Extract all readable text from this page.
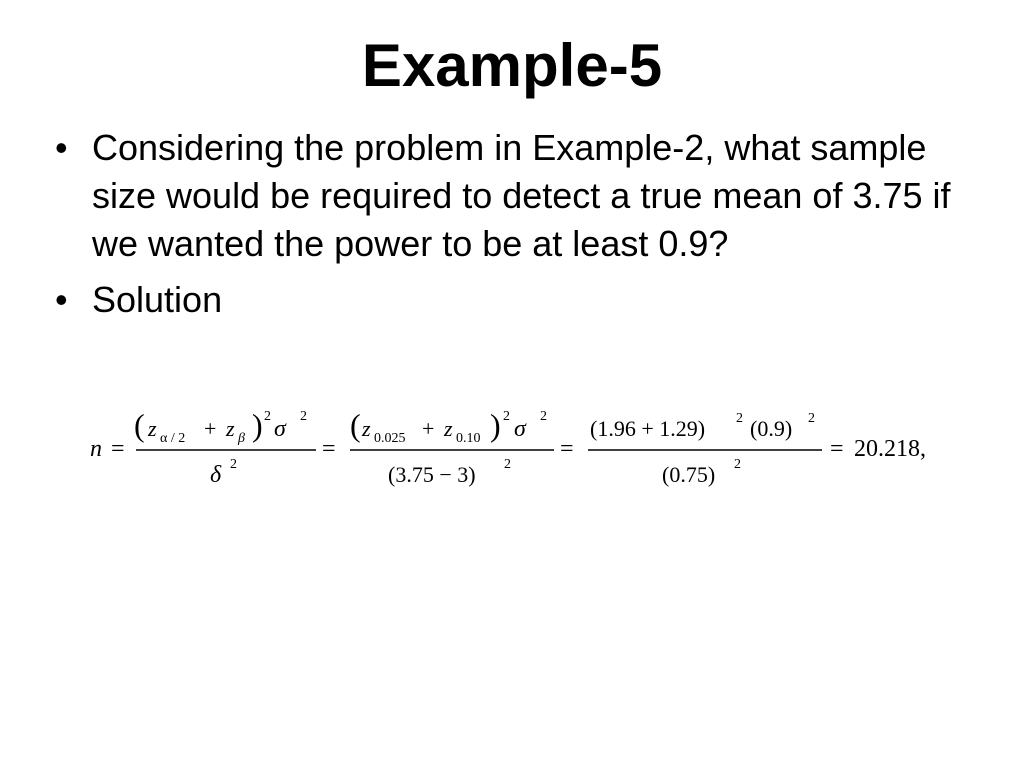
Example-5
• Considering the problem in Example-2, what sample size would be required to detect a true mean of 3.75 if we wanted the power to be at least 0.9?
• Solution
n =
( z α / 2 + z β ) 2 σ 2
δ 2
=
( z 0.025 + z 0.10 ) 2 σ 2
(3.75 − 3) 2
=
(1.96 + 1.29) 2 (0.9) 2
(0.75) 2
= 20.218,
